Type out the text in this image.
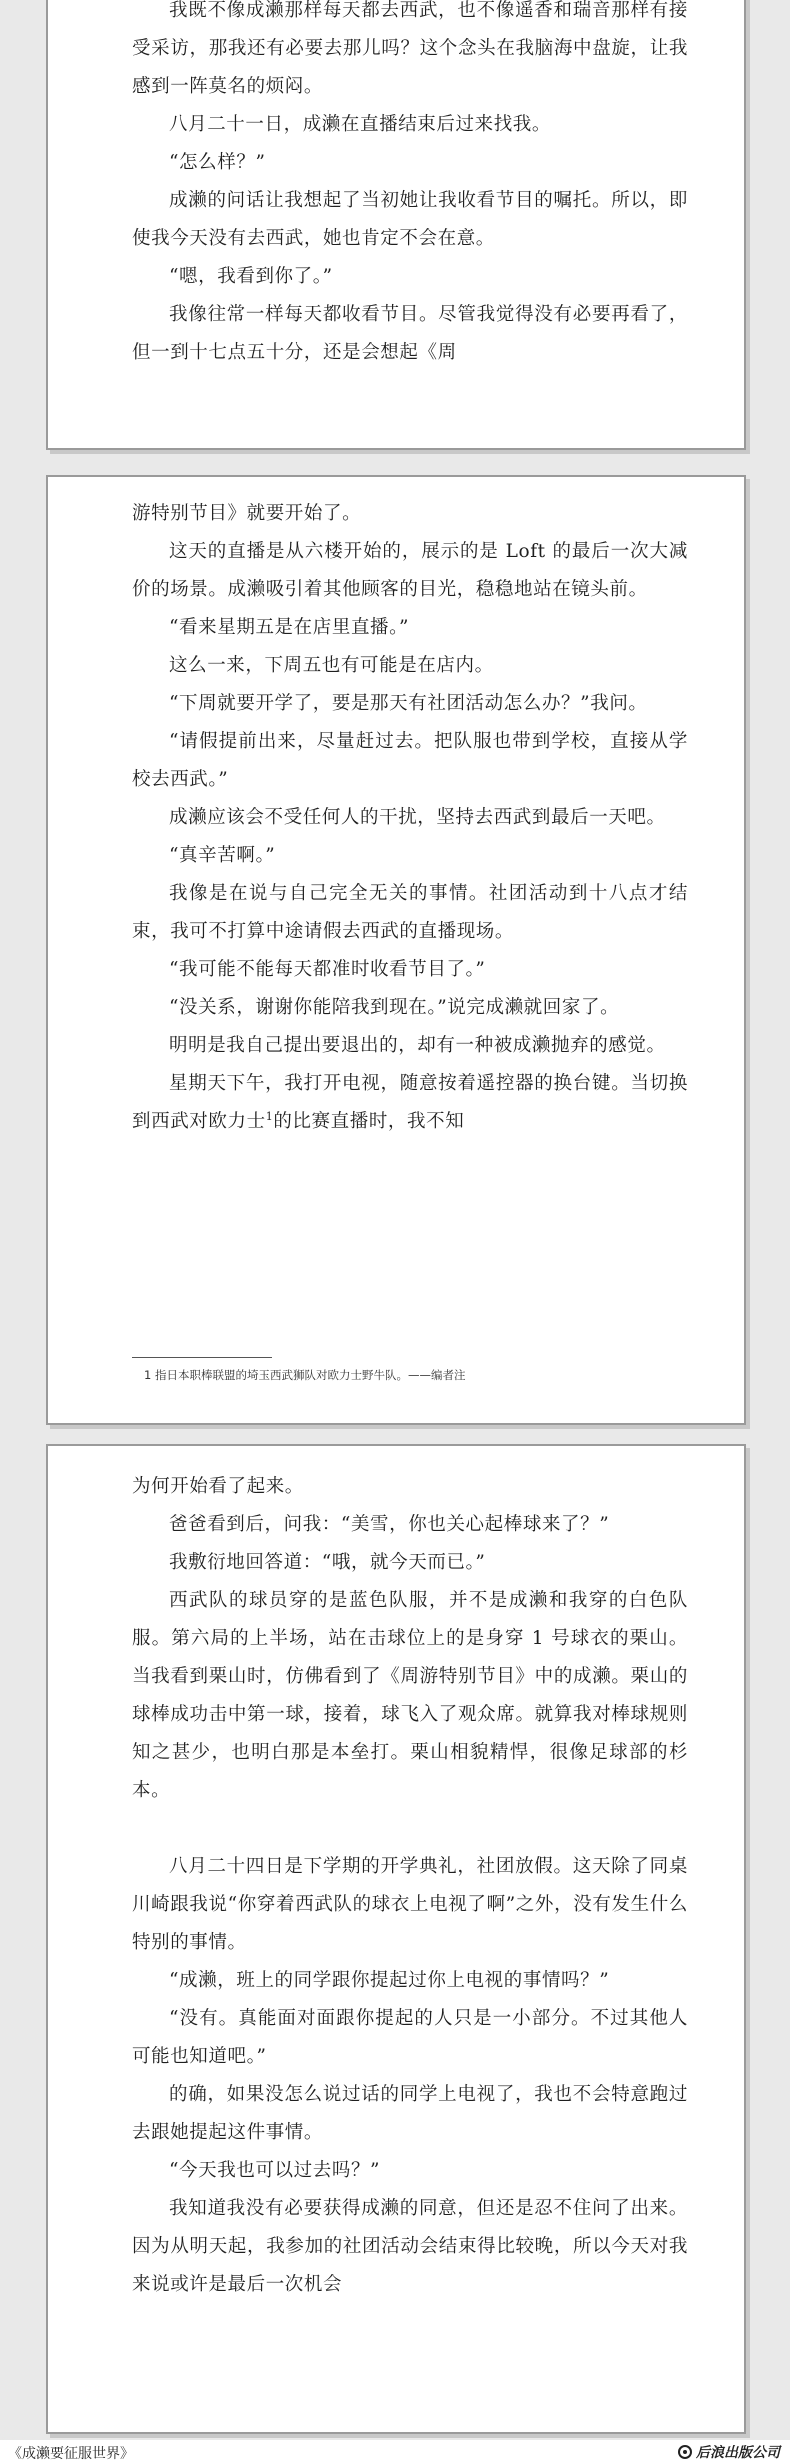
我既不像成濑那样每天都去西武，也不像遥香和瑞音那样有接受采访，那我还有必要去那儿吗？这个念头在我脑海中盘旋，让我感到一阵莫名的烦闷。

八月二十一日，成濑在直播结束后过来找我。

“怎么样？”

成濑的问话让我想起了当初她让我收看节目的嘱托。所以，即使我今天没有去西武，她也肯定不会在意。

“嗯，我看到你了。”

我像往常一样每天都收看节目。尽管我觉得没有必要再看了，但一到十七点五十分，还是会想起《周

游特别节目》就要开始了。

这天的直播是从六楼开始的，展示的是 Loft 的最后一次大减价的场景。成濑吸引着其他顾客的目光，稳稳地站在镜头前。

“看来星期五是在店里直播。”

这么一来，下周五也有可能是在店内。

“下周就要开学了，要是那天有社团活动怎么办？”我问。

“请假提前出来，尽量赶过去。把队服也带到学校，直接从学校去西武。”

成濑应该会不受任何人的干扰，坚持去西武到最后一天吧。

“真辛苦啊。”

我像是在说与自己完全无关的事情。社团活动到十八点才结束，我可不打算中途请假去西武的直播现场。

“我可能不能每天都准时收看节目了。”

“没关系，谢谢你能陪我到现在。”说完成濑就回家了。

明明是我自己提出要退出的，却有一种被成濑抛弃的感觉。

星期天下午，我打开电视，随意按着遥控器的换台键。当切换到西武对欧力士$^1$的比赛直播时，我不知

1 指日本职棒联盟的埼玉西武狮队对欧力士野牛队。——编者注

为何开始看了起来。

爸爸看到后，问我：“美雪，你也关心起棒球来了？”

我敷衍地回答道：“哦，就今天而已。”

西武队的球员穿的是蓝色队服，并不是成濑和我穿的白色队服。第六局的上半场，站在击球位上的是身穿 1 号球衣的栗山。当我看到栗山时，仿佛看到了《周游特别节目》中的成濑。栗山的球棒成功击中第一球，接着，球飞入了观众席。就算我对棒球规则知之甚少，也明白那是本垒打。栗山相貌精悍，很像足球部的杉本。

八月二十四日是下学期的开学典礼，社团放假。这天除了同桌川崎跟我说“你穿着西武队的球衣上电视了啊”之外，没有发生什么特别的事情。

“成濑，班上的同学跟你提起过你上电视的事情吗？”

“没有。真能面对面跟你提起的人只是一小部分。不过其他人可能也知道吧。”

的确，如果没怎么说过话的同学上电视了，我也不会特意跑过去跟她提起这件事情。

“今天我也可以过去吗？”

我知道我没有必要获得成濑的同意，但还是忍不住问了出来。因为从明天起，我参加的社团活动会结束得比较晚，所以今天对我来说或许是最后一次机会

《成濑要征服世界》	后浪出版公司
